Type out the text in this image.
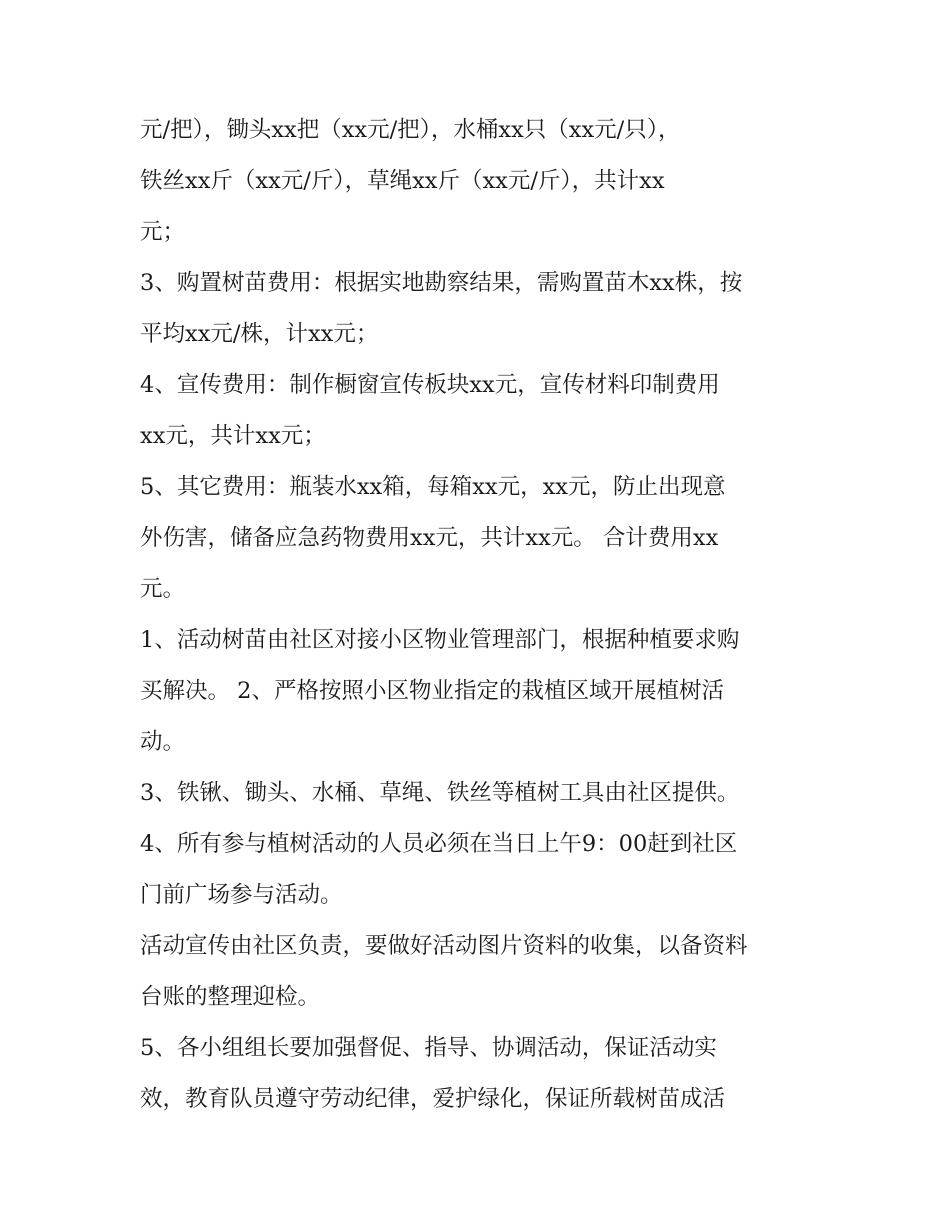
元/把），锄头xx把（xx元/把），水桶xx只（xx元/只），
铁丝xx斤（xx元/斤），草绳xx斤（xx元/斤），共计xx
元；
3、购置树苗费用：根据实地勘察结果，需购置苗木xx株，按
平均xx元/株，计xx元；
4、宣传费用：制作橱窗宣传板块xx元，宣传材料印制费用
xx元，共计xx元；
5、其它费用：瓶装水xx箱，每箱xx元，xx元，防止出现意
外伤害，储备应急药物费用xx元，共计xx元。 合计费用xx
元。
1、活动树苗由社区对接小区物业管理部门，根据种植要求购
买解决。 2、严格按照小区物业指定的栽植区域开展植树活
动。
3、铁锹、锄头、水桶、草绳、铁丝等植树工具由社区提供。
4、所有参与植树活动的人员必须在当日上午9：00赶到社区
门前广场参与活动。
活动宣传由社区负责，要做好活动图片资料的收集，以备资料
台账的整理迎检。
5、各小组组长要加强督促、指导、协调活动，保证活动实
效，教育队员遵守劳动纪律，爱护绿化，保证所载树苗成活
